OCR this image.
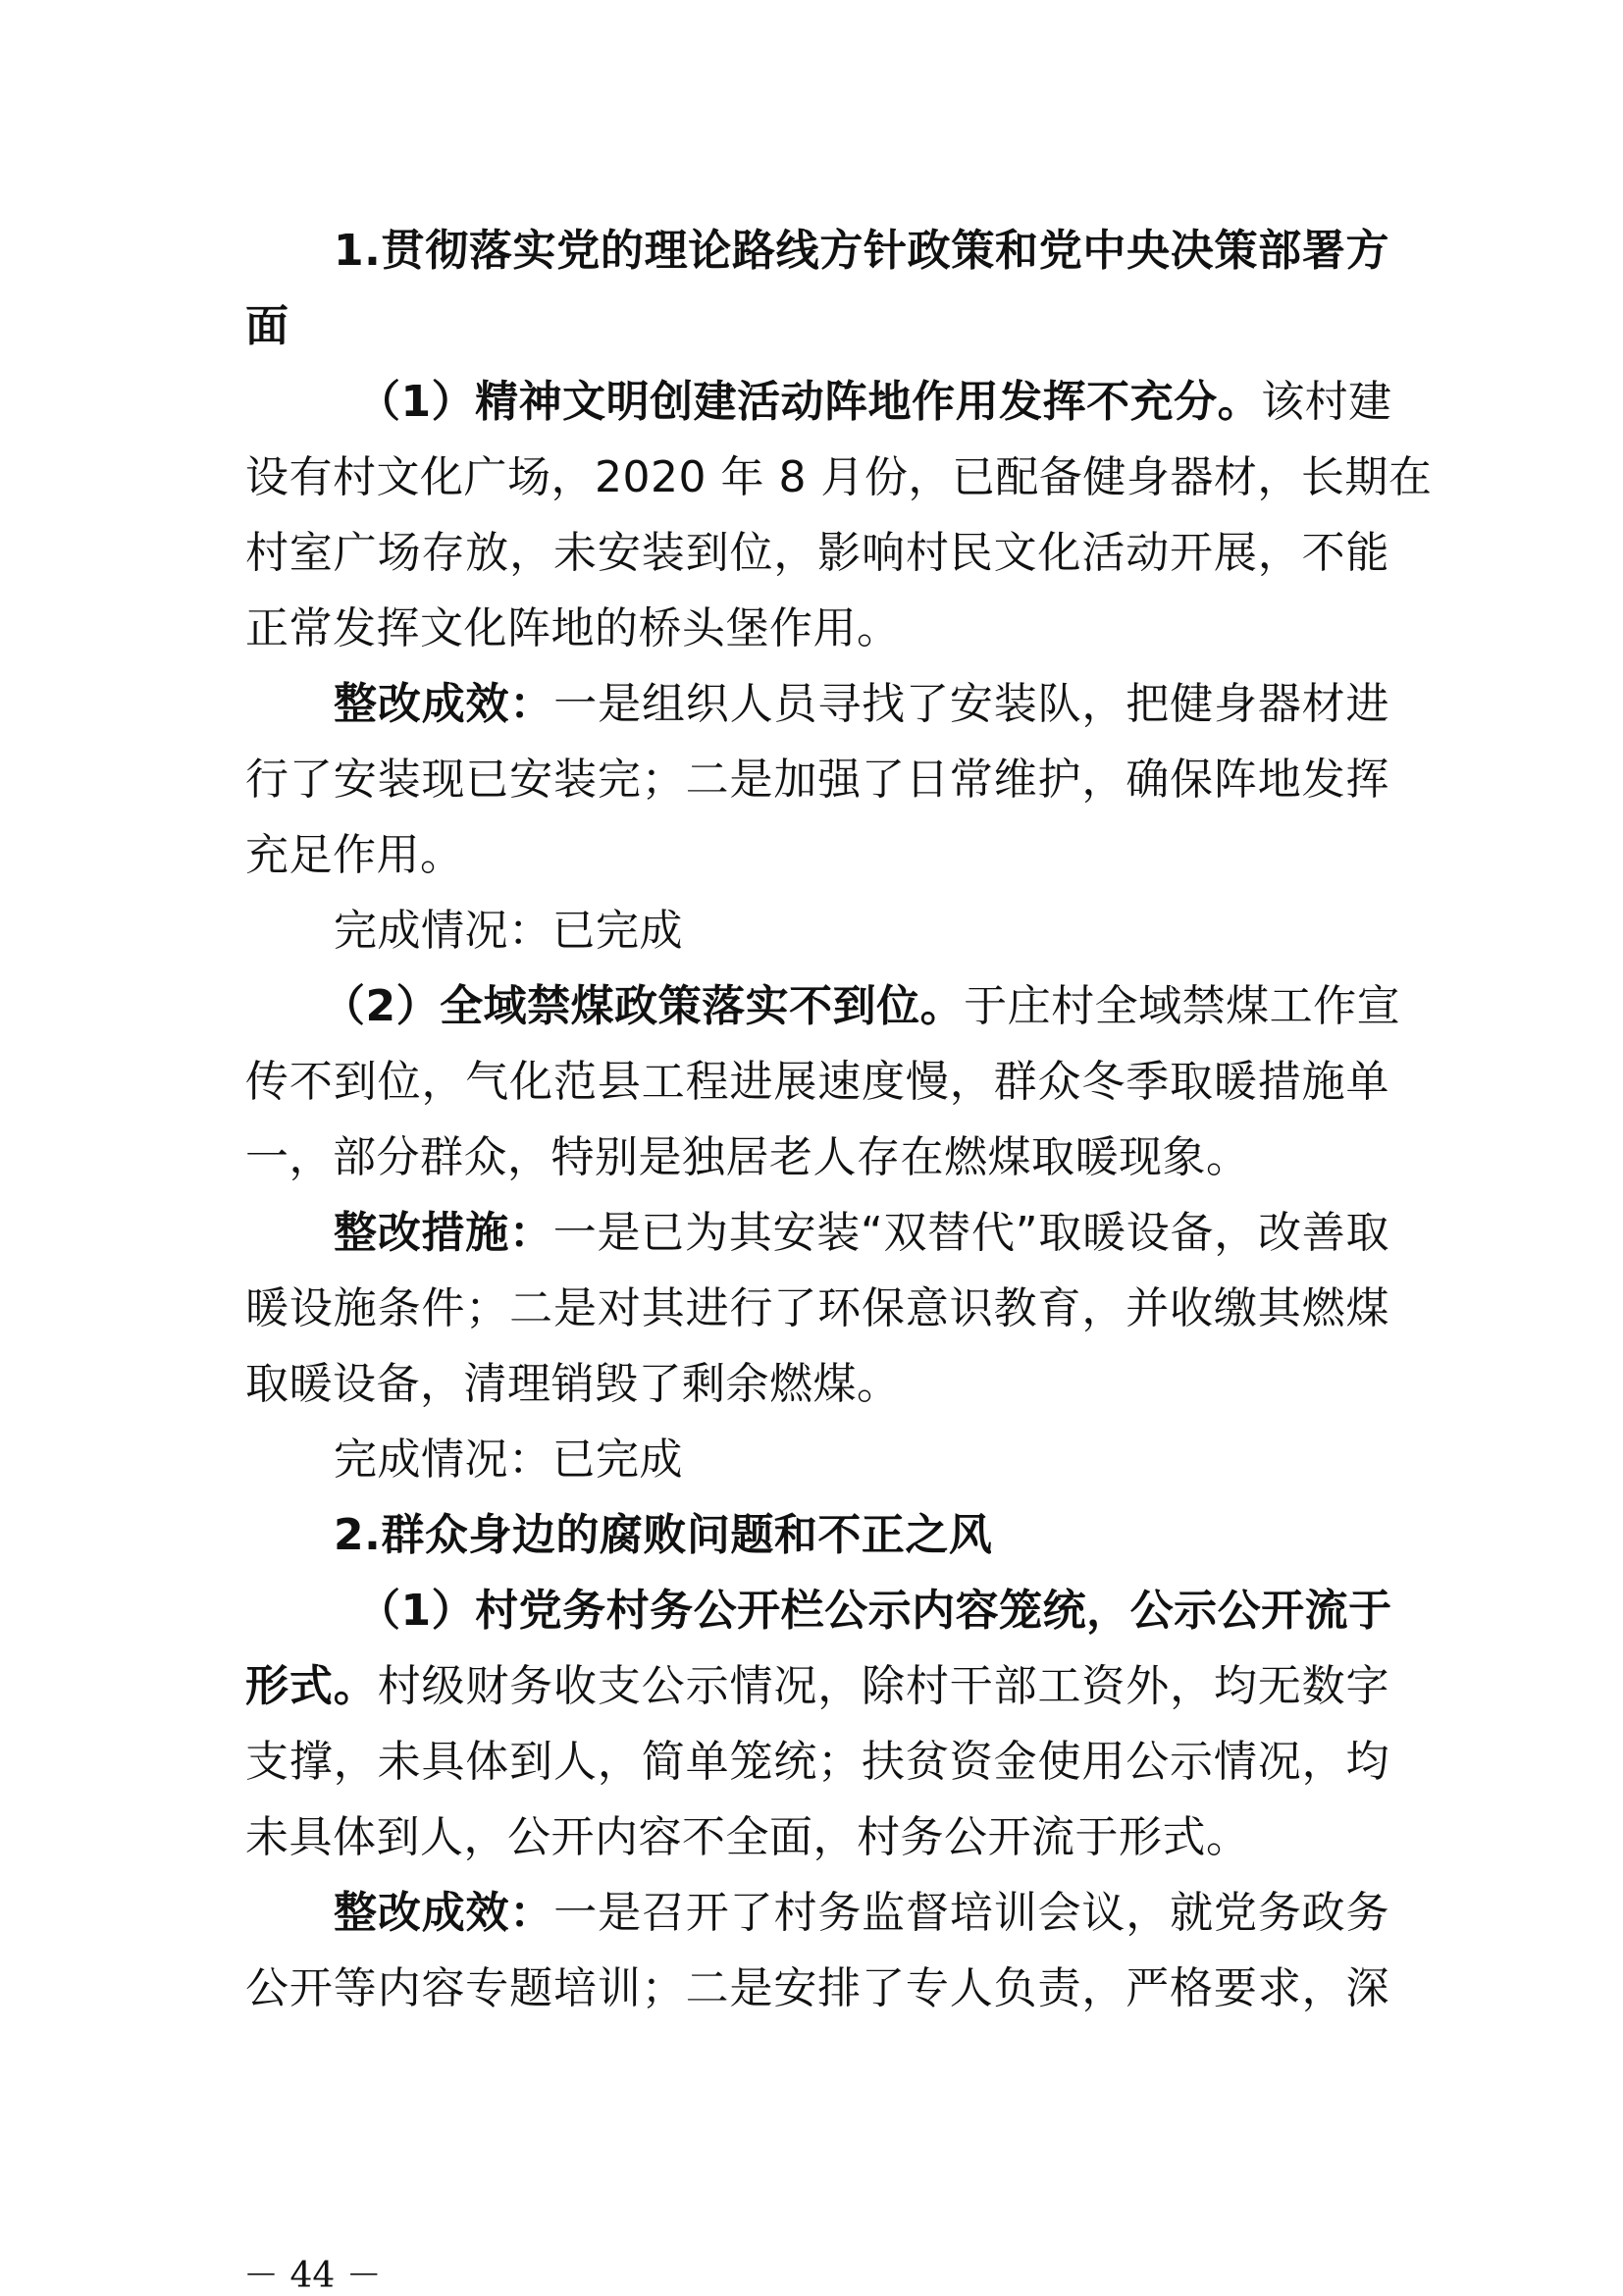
1.贯彻落实党的理论路线方针政策和党中央决策部署方
面
（1）精神文明创建活动阵地作用发挥不充分。该村建
设有村文化广场，2020 年 8 月份，已配备健身器材，长期在
村室广场存放，未安装到位，影响村民文化活动开展，不能
正常发挥文化阵地的桥头堡作用。
整改成效：一是组织人员寻找了安装队，把健身器材进
行了安装现已安装完；二是加强了日常维护，确保阵地发挥
充足作用。
完成情况：已完成
（2）全域禁煤政策落实不到位。于庄村全域禁煤工作宣
传不到位，气化范县工程进展速度慢，群众冬季取暖措施单
一，部分群众，特别是独居老人存在燃煤取暖现象。
整改措施：一是已为其安装“双替代”取暖设备，改善取
暖设施条件；二是对其进行了环保意识教育，并收缴其燃煤
取暖设备，清理销毁了剩余燃煤。
完成情况：已完成
2.群众身边的腐败问题和不正之风
（1）村党务村务公开栏公示内容笼统，公示公开流于
形式。村级财务收支公示情况，除村干部工资外，均无数字
支撑，未具体到人，简单笼统；扶贫资金使用公示情况，均
未具体到人，公开内容不全面，村务公开流于形式。
整改成效：一是召开了村务监督培训会议，就党务政务
公开等内容专题培训；二是安排了专人负责，严格要求，深
－ 44 －
